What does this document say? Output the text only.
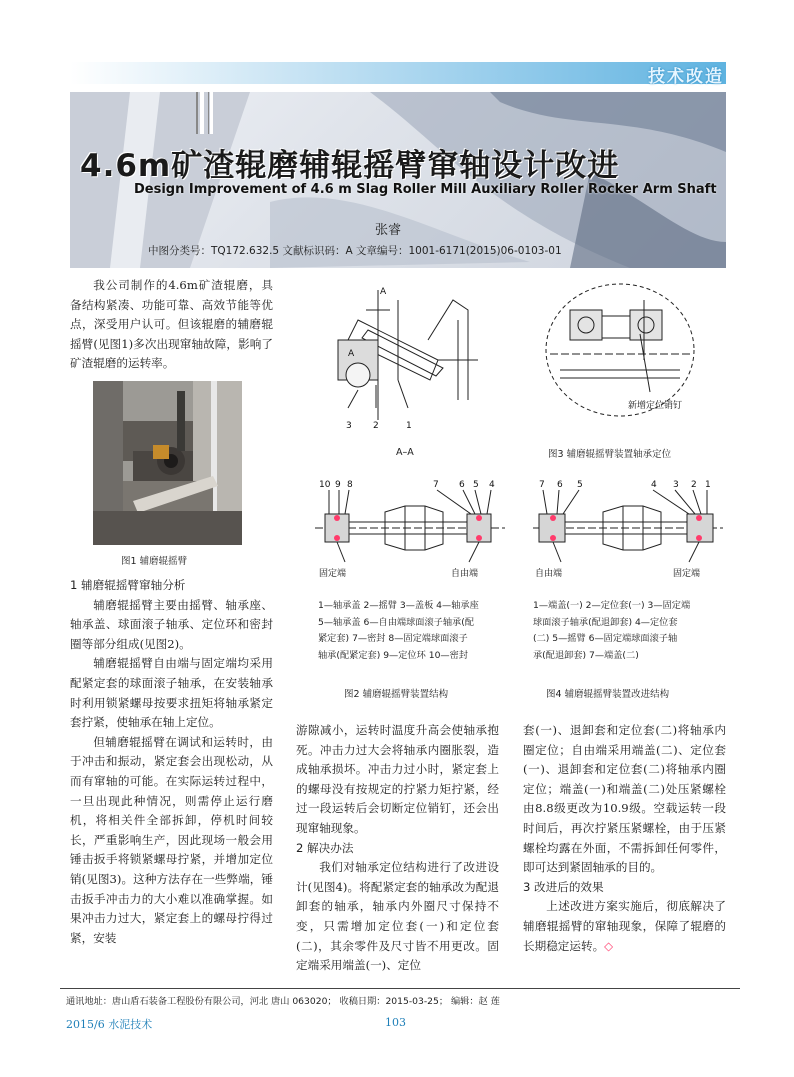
技术改造
4.6m矿渣辊磨辅辊摇臂窜轴设计改进
Design Improvement of 4.6 m Slag Roller Mill Auxiliary Roller Rocker Arm Shaft
张睿
中图分类号：TQ172.632.5 文献标识码：A 文章编号：1001-6171(2015)06-0103-01

我公司制作的4.6m矿渣辊磨，具备结构紧凑、功能可靠、高效节能等优点，深受用户认可。但该辊磨的辅磨辊摇臂(见图1)多次出现窜轴故障，影响了矿渣辊磨的运转率。

图1 辅磨辊摇臂

1 辅磨辊摇臂窜轴分析

辅磨辊摇臂主要由摇臂、轴承座、轴承盖、球面滚子轴承、定位环和密封圈等部分组成(见图2)。

辅磨辊摇臂自由端与固定端均采用配紧定套的球面滚子轴承，在安装轴承时利用锁紧螺母按要求扭矩将轴承紧定套拧紧，使轴承在轴上定位。

但辅磨辊摇臂在调试和运转时，由于冲击和振动，紧定套会出现松动，从而有窜轴的可能。在实际运转过程中，一旦出现此种情况，则需停止运行磨机，将相关件全部拆卸，停机时间较长，严重影响生产，因此现场一般会用锤击扳手将锁紧螺母拧紧，并增加定位销(见图3)。这种方法存在一些弊端，锤击扳手冲击力的大小难以准确掌握。如果冲击力过大，紧定套上的螺母拧得过紧，安装

A
A
3 2	1
A–A
新增定位销钉
图3 辅磨辊摇臂装置轴承定位
10 9 8	7 6 5 4
固定端	自由端
7 6 5	4 3 2 1
自由端	固定端
1—轴承盖 2—摇臂 3—盖板 4—轴承座
5—轴承盖 6—自由端球面滚子轴承(配
紧定套) 7—密封 8—固定端球面滚子
轴承(配紧定套) 9—定位环 10—密封
1—端盖(一) 2—定位套(一) 3—固定端
球面滚子轴承(配退卸套) 4—定位套
(二) 5—摇臂 6—固定端球面滚子轴
承(配退卸套) 7—端盖(二)
图2 辅磨辊摇臂装置结构	图4 辅磨辊摇臂装置改进结构

游隙减小，运转时温度升高会使轴承抱死。冲击力过大会将轴承内圈胀裂，造成轴承损坏。冲击力过小时，紧定套上的螺母没有按规定的拧紧力矩拧紧，经过一段运转后会切断定位销钉，还会出现窜轴现象。

2 解决办法

我们对轴承定位结构进行了改进设计(见图4)。将配紧定套的轴承改为配退卸套的轴承，轴承内外圈尺寸保持不变，只需增加定位套(一)和定位套(二)，其余零件及尺寸皆不用更改。固定端采用端盖(一)、定位

套(一)、退卸套和定位套(二)将轴承内圈定位；自由端采用端盖(二)、定位套(一)、退卸套和定位套(二)将轴承内圈定位；端盖(一)和端盖(二)处压紧螺栓由8.8级更改为10.9级。空载运转一段时间后，再次拧紧压紧螺栓，由于压紧螺栓均露在外面，不需拆卸任何零件，即可达到紧固轴承的目的。

3 改进后的效果

上述改进方案实施后，彻底解决了辅磨辊摇臂的窜轴现象，保障了辊磨的长期稳定运转。◇

通讯地址：唐山盾石装备工程股份有限公司，河北 唐山 063020； 收稿日期：2015-03-25； 编辑：赵 莲
2015/6 水泥技术	103
